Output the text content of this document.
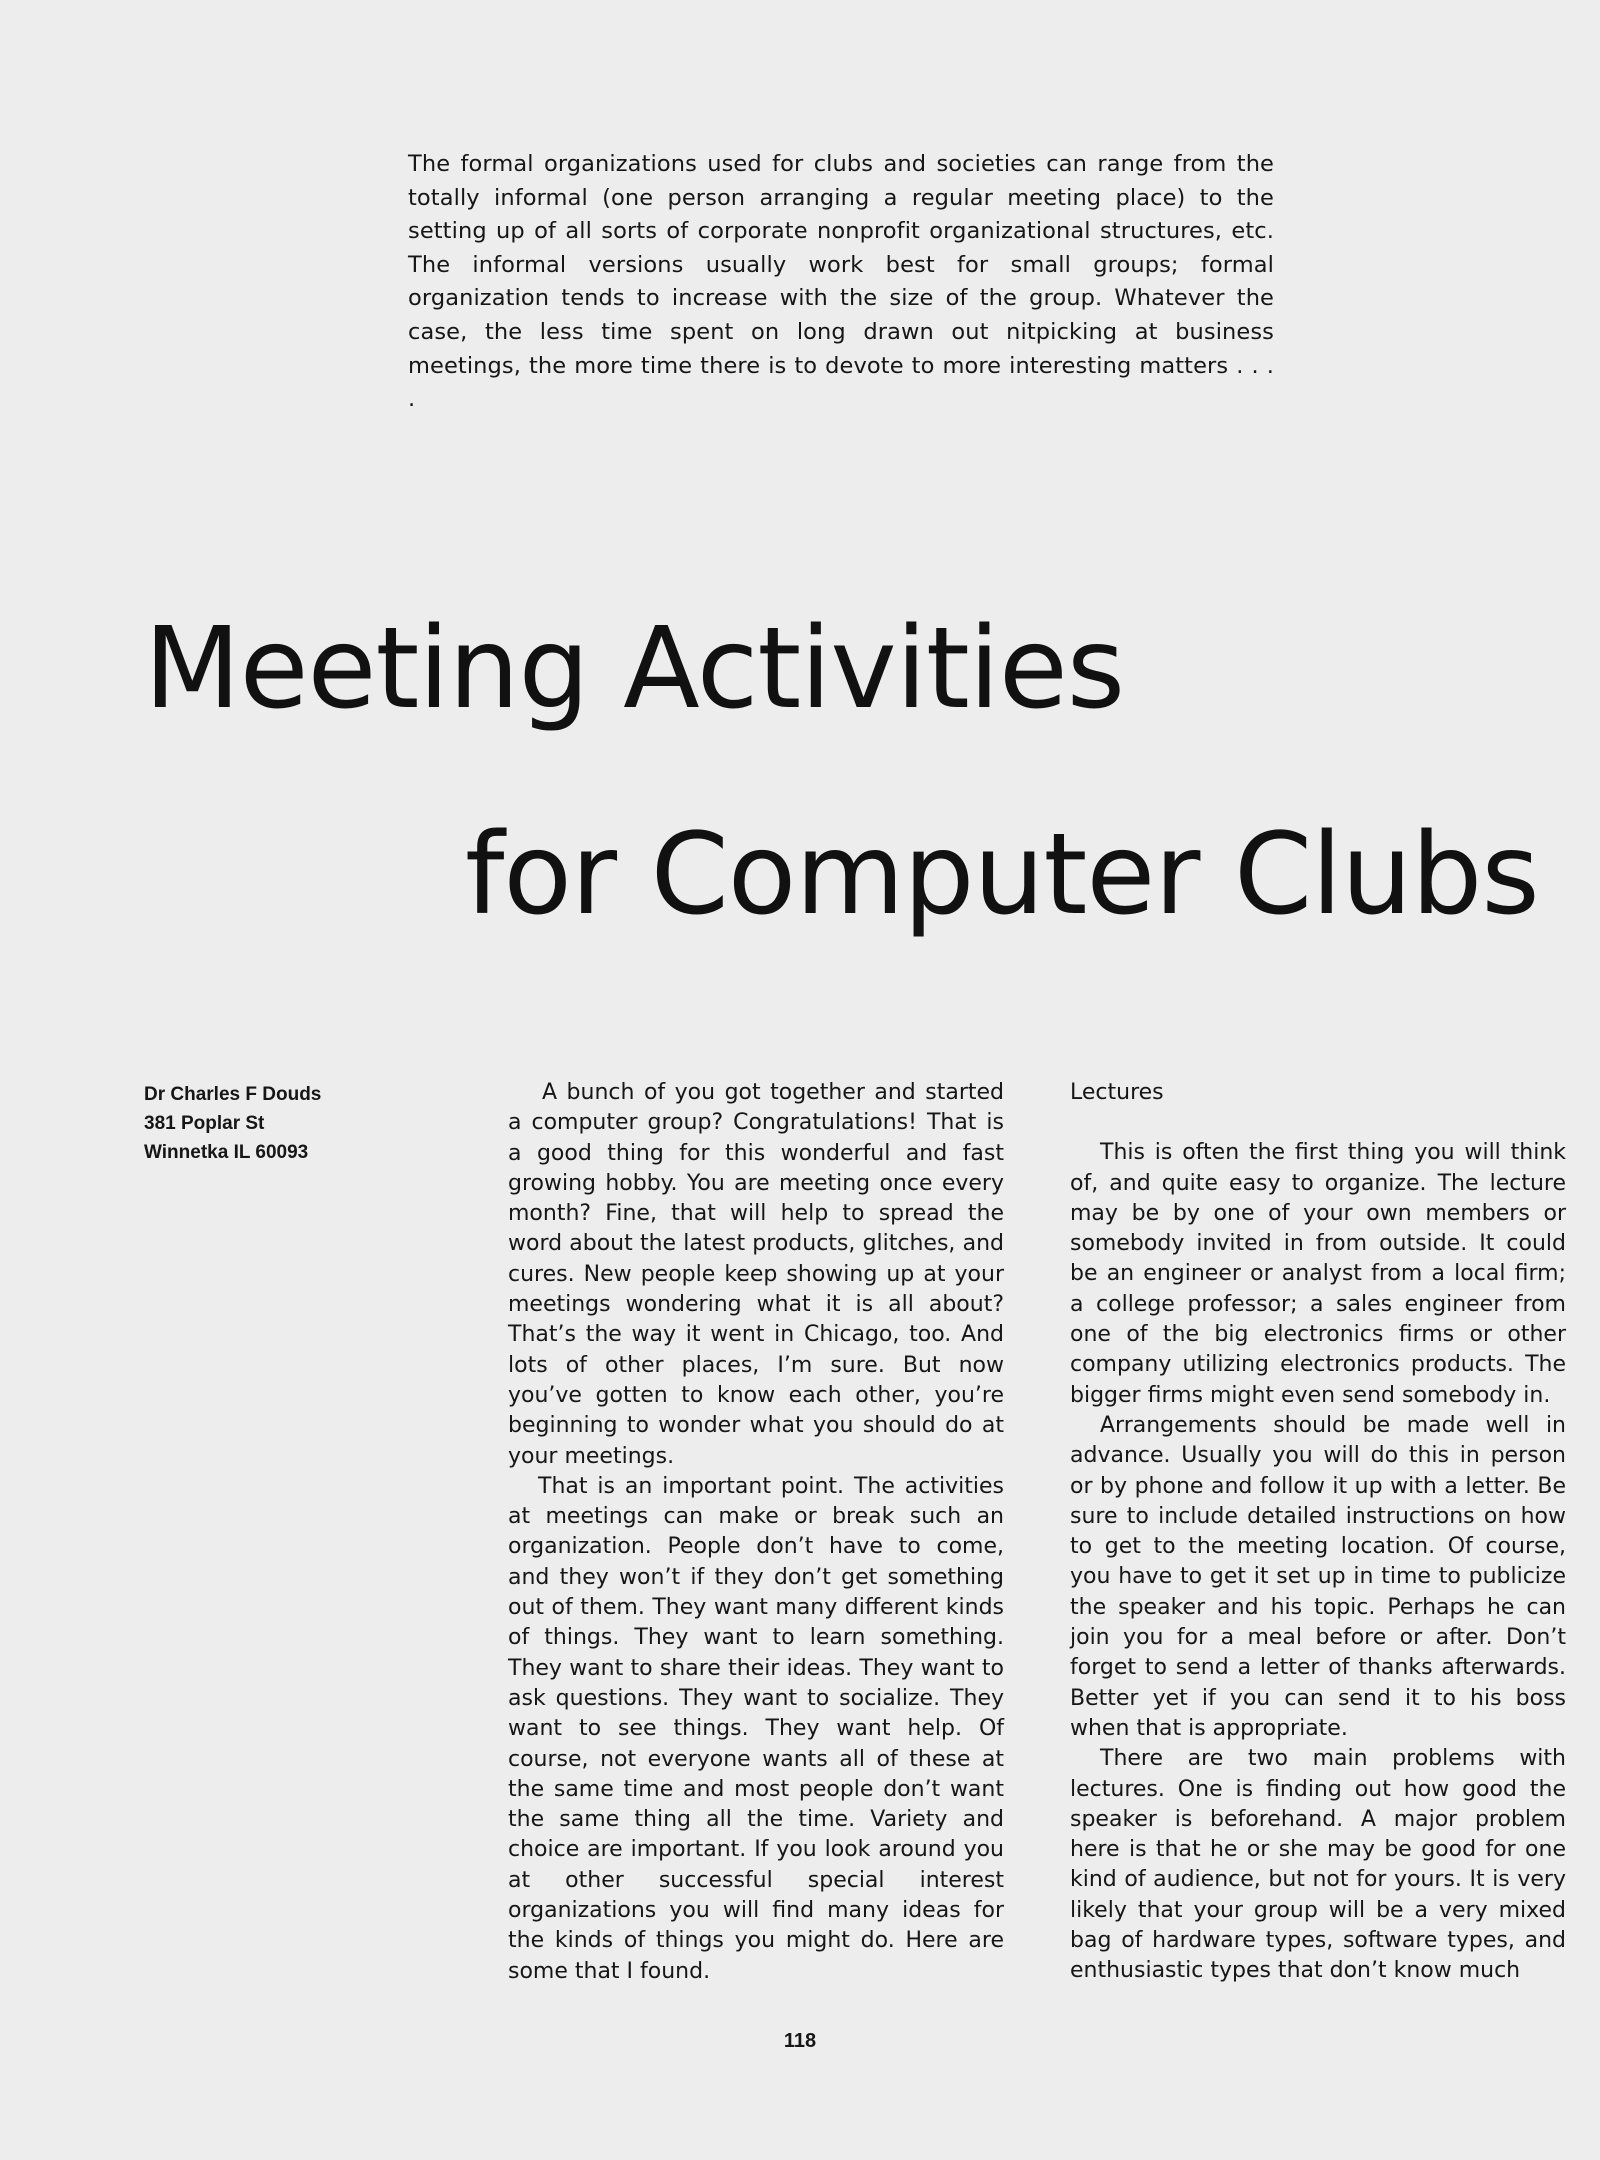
The formal organizations used for clubs and societies can range from the totally informal (one person arranging a regular meeting place) to the setting up of all sorts of corporate nonprofit organizational structures, etc. The informal versions usually work best for small groups; formal organization tends to increase with the size of the group. Whatever the case, the less time spent on long drawn out nitpicking at business meetings, the more time there is to devote to more interesting matters . . . .
Meeting Activities
for Computer Clubs
Dr Charles F Douds
381 Poplar St
Winnetka IL 60093

A bunch of you got together and started a computer group? Congratulations! That is a good thing for this wonderful and fast growing hobby. You are meeting once every month? Fine, that will help to spread the word about the latest products, glitches, and cures. New people keep showing up at your meetings wondering what it is all about? That’s the way it went in Chicago, too. And lots of other places, I’m sure. But now you’ve gotten to know each other, you’re beginning to wonder what you should do at your meetings.

That is an important point. The activities at meetings can make or break such an organization. People don’t have to come, and they won’t if they don’t get something out of them. They want many different kinds of things. They want to learn something. They want to share their ideas. They want to ask questions. They want to socialize. They want to see things. They want help. Of course, not everyone wants all of these at the same time and most people don’t want the same thing all the time. Variety and choice are important. If you look around you at other successful special interest organizations you will find many ideas for the kinds of things you might do. Here are some that I found.

Lectures

This is often the first thing you will think of, and quite easy to organize. The lecture may be by one of your own members or somebody invited in from outside. It could be an engineer or analyst from a local firm; a college professor; a sales engineer from one of the big electronics firms or other company utilizing electronics products. The bigger firms might even send somebody in.

Arrangements should be made well in advance. Usually you will do this in person or by phone and follow it up with a letter. Be sure to include detailed instructions on how to get to the meeting location. Of course, you have to get it set up in time to publicize the speaker and his topic. Perhaps he can join you for a meal before or after. Don’t forget to send a letter of thanks afterwards. Better yet if you can send it to his boss when that is appropriate.

There are two main problems with lectures. One is finding out how good the speaker is beforehand. A major problem here is that he or she may be good for one kind of audience, but not for yours. It is very likely that your group will be a very mixed bag of hardware types, software types, and enthusiastic types that don’t know much

118
